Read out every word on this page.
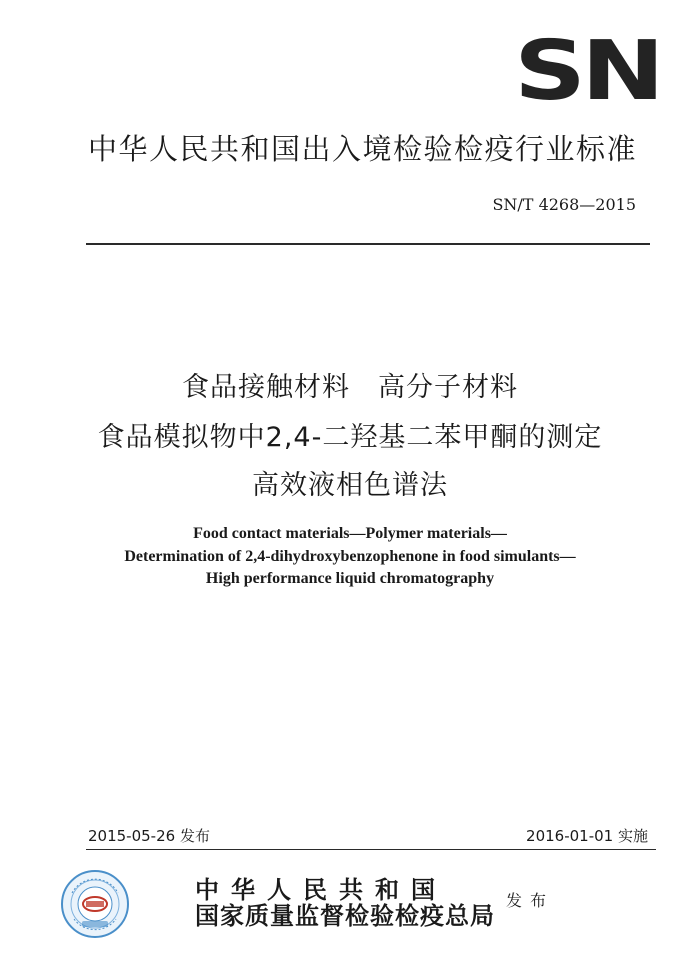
SN
中华人民共和国出入境检验检疫行业标准
SN/T 4268—2015
食品接触材料　高分子材料
食品模拟物中2,4-二羟基二苯甲酮的测定
高效液相色谱法
Food contact materials—Polymer materials—
Determination of 2,4-dihydroxybenzophenone in food simulants—
High performance liquid chromatography
2015-05-26 发布	2016-01-01 实施
中华人民共和国
国家质量监督检验检疫总局
发布
